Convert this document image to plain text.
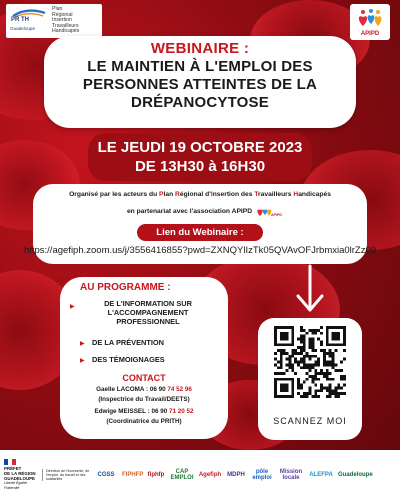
PR TH
Guadeloupe
Plan
Régional
Insertion
Travailleurs
Handicapés	APIPD
WEBINAIRE :
LE MAINTIEN À L'EMPLOI DES
PERSONNES ATTEINTES DE LA
DRÉPANOCYTOSE
LE JEUDI 19 OCTOBRE 2023
DE 13H30 à 16H30
Organisé par les acteurs du Plan Régional d'Insertion des Travailleurs Handicapés
en partenariat avec l'association APIPD
APIPD
Lien du Webinaire :
https://agefiph.zoom.us/j/3556416855?pwd=ZXNQYlIzTk05QVAvOFJrbmxia0lrZz09
AU PROGRAMME :
▶	DE L'INFORMATION SUR L'ACCOMPAGNEMENT PROFESSIONNEL
▶ DE LA PRÉVENTION
▶ DES TÉMOIGNAGES
CONTACT
Gaelle LACOMA : 06 90 74 52 96
(Inspectrice du Travail/DEETS)
Edwige MEISSEL : 06 90 71 20 52
(Coordinatrice du PRITH)	SCANNEZ MOI
PRÉFET
DE LA RÉGION
GUADELOUPE
Liberté Égalité Fraternité
Direction de l'économie, de l'emploi, du travail et des solidarités
CGSS	FIPHFP fiphfp	CAP EMPLOI Agefiph MDPH	pôle emploi
Mission locale	ALEFPA Guadeloupe
